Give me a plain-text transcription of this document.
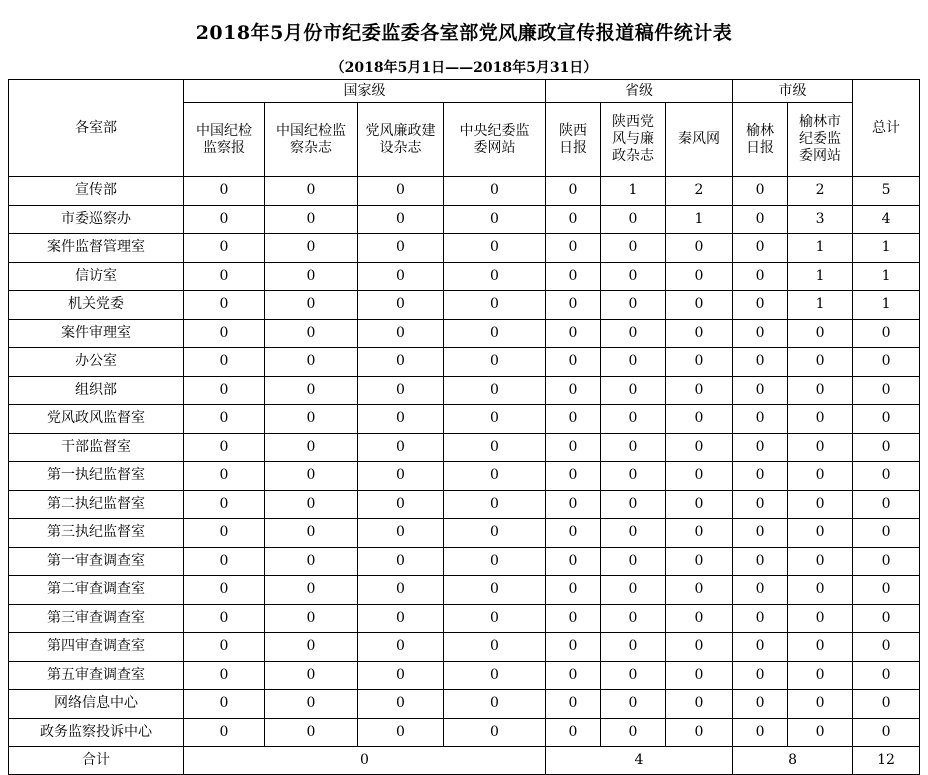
2018年5月份市纪委监委各室部党风廉政宣传报道稿件统计表
（2018年5月1日——2018年5月31日）
各室部	国家级				省级			市级		总计

	中国纪检监察报	中国纪检监察杂志	党风廉政建设杂志	中央纪委监委网站	陕西日报	陕西党风与廉政杂志	秦风网	榆林日报	榆林市纪委监委网站	

宣传部	0	0	0	0	0	1	2	0	2	5
市委巡察办	0	0	0	0	0	0	1	0	3	4
案件监督管理室	0	0	0	0	0	0	0	0	1	1
信访室	0	0	0	0	0	0	0	0	1	1
机关党委	0	0	0	0	0	0	0	0	1	1
案件审理室	0	0	0	0	0	0	0	0	0	0
办公室	0	0	0	0	0	0	0	0	0	0
组织部	0	0	0	0	0	0	0	0	0	0
党风政风监督室	0	0	0	0	0	0	0	0	0	0
干部监督室	0	0	0	0	0	0	0	0	0	0
第一执纪监督室	0	0	0	0	0	0	0	0	0	0
第二执纪监督室	0	0	0	0	0	0	0	0	0	0
第三执纪监督室	0	0	0	0	0	0	0	0	0	0
第一审查调查室	0	0	0	0	0	0	0	0	0	0
第二审查调查室	0	0	0	0	0	0	0	0	0	0
第三审查调查室	0	0	0	0	0	0	0	0	0	0
第四审查调查室	0	0	0	0	0	0	0	0	0	0
第五审查调查室	0	0	0	0	0	0	0	0	0	0
网络信息中心	0	0	0	0	0	0	0	0	0	0
政务监察投诉中心	0	0	0	0	0	0	0	0	0	0
合计	0				4			8		12
